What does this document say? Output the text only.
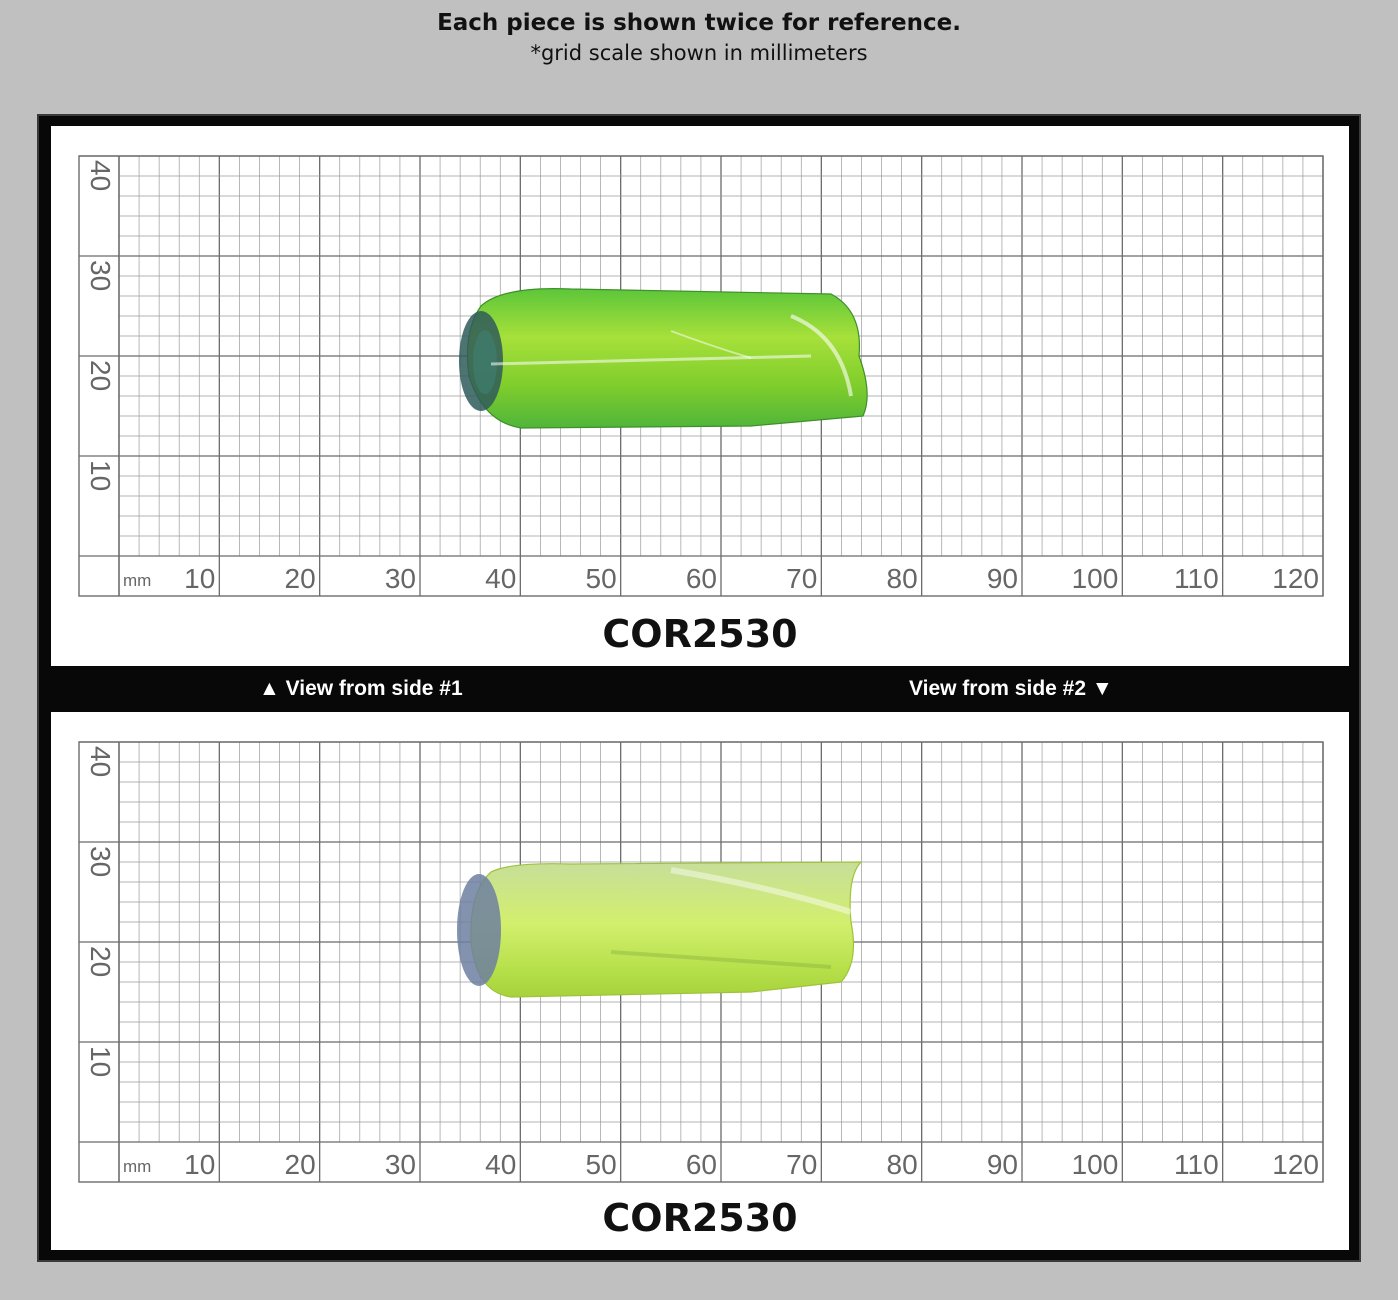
Each piece is shown twice for reference.
*grid scale shown in millimeters
10 20 30 40 50 60 70 80 90 100 110 120
mm
40
30
20
10
COR2530
▲ View from side #1	View from side #2 ▼
10 20 30 40 50 60 70 80 90 100 110 120
mm
40
30
20
10
COR2530
